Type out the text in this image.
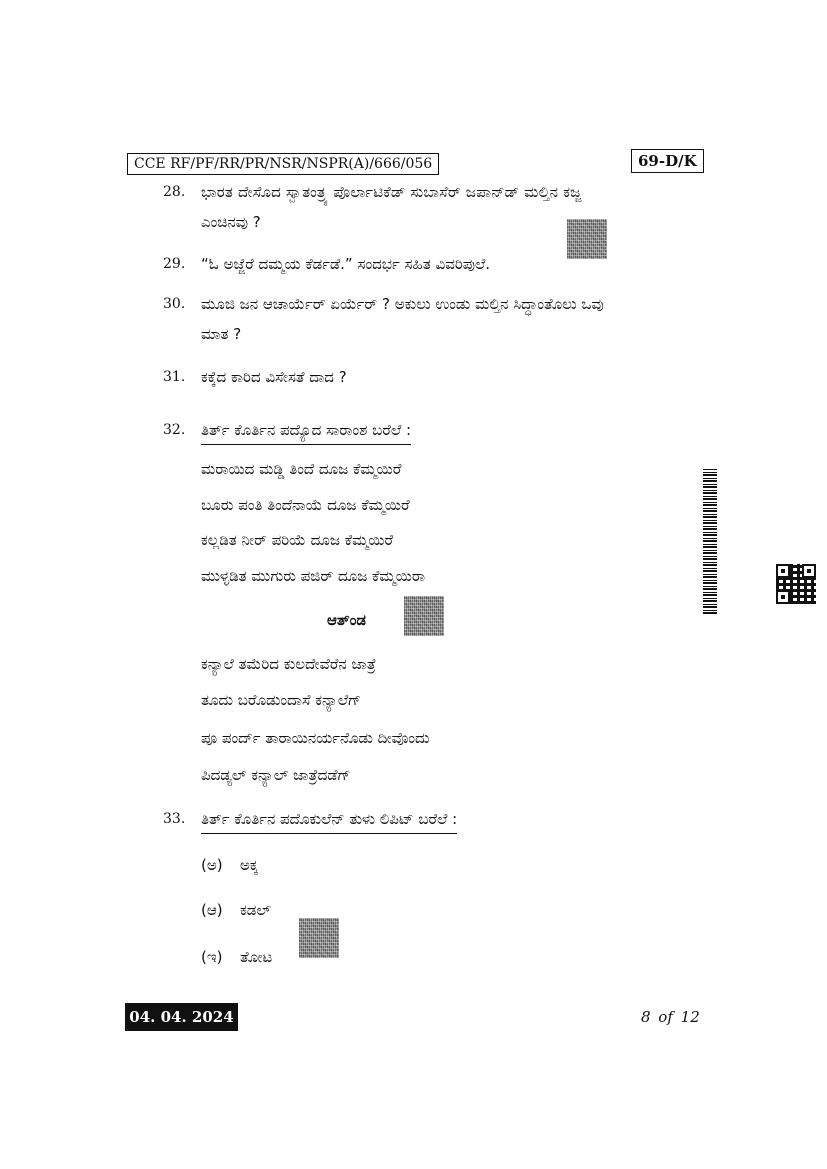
CCE RF/PF/RR/PR/NSR/NSPR(A)/666/056	69-D/K
28. ಭಾರತ ದೇಸೊದ ಸ್ವಾತಂತ್ರ್ಯ ಪೊರ್ಲಾಟಿಕೆಡ್ ಸುಬಾಸೆರ್ ಜಪಾನ್‌ಡ್ ಮಲ್ತಿನ ಕಜ್ಜ
ಎಂಚಿನವು ?
29. “ಓ ಅಜ್ಜೆರೆ ದಮ್ಮಯ ಕೆರ್ಡಡೆ.” ಸಂದರ್ಭ ಸಹಿತ ವಿವರಿಪುಲೆ.
30. ಮೂಜಿ ಜನ ಆಚಾರ್ಯೆರ್ ಏರ್ಯೆರ್ ? ಅಕುಲು ಉಂಡು ಮಲ್ತಿನ ಸಿದ್ಧಾಂತೊಲು ಒವು
ಮಾತ ?
31. ಕಕ್ಕೆದ ಕಾರಿದ ವಿಸೇಸತೆ ದಾದ ?
32. ತಿರ್ತ್ ಕೊರ್ತಿನ ಪದ್ಯೊದ ಸಾರಾಂಶ ಬರೆಲೆ :
ಮರಾಯಿದ ಮಡ್ಡಿ ತಿಂದೆ ದೂಜ ಕೆಮ್ಮಯಿರೆ
ಬೂರು ಪಂತಿ ತಿಂದೆನಾಯೆ ದೂಜ ಕೆಮ್ಮಯಿರೆ
ಕಲ್ಲಡಿತ ನೀರ್ ಪರಿಯೆ ದೂಜ ಕೆಮ್ಮಯಿರೆ
ಮುಳ್ಳಡಿತ ಮುಗುರು ಪಜಿರ್ ದೂಜ ಕೆಮ್ಮಯಿರಾ
ಆತ್ಂಡ
ಕನ್ಯಾಲೆ ತಮೆರಿದ ಕುಲದೇವೆರೆನ ಜಾತ್ರೆ
ತೂದು ಬರೊಡುಂದಾಸೆ ಕನ್ಯಾಲೆಗ್
ಪೂ ಪಂರ್ದ್ ತಾರಾಯಿನರ್ಯನೊಡು ದೀವೊಂದು
ಪಿದಡ್ಯಲ್ ಕನ್ಯಾಲ್ ಜಾತ್ರೆದಡೆಗ್
33. ತಿರ್ತ್ ಕೊರ್ತಿನ ಪದೊಕುಲೆನ್ ತುಳು ಲಿಪಿಟ್ ಬರೆಲೆ :
(ಅ) ಅಕ್ಕ
(ಆ) ಕಡಲ್
(ಇ) ತೋಟ
04. 04. 2024	8 of 12
